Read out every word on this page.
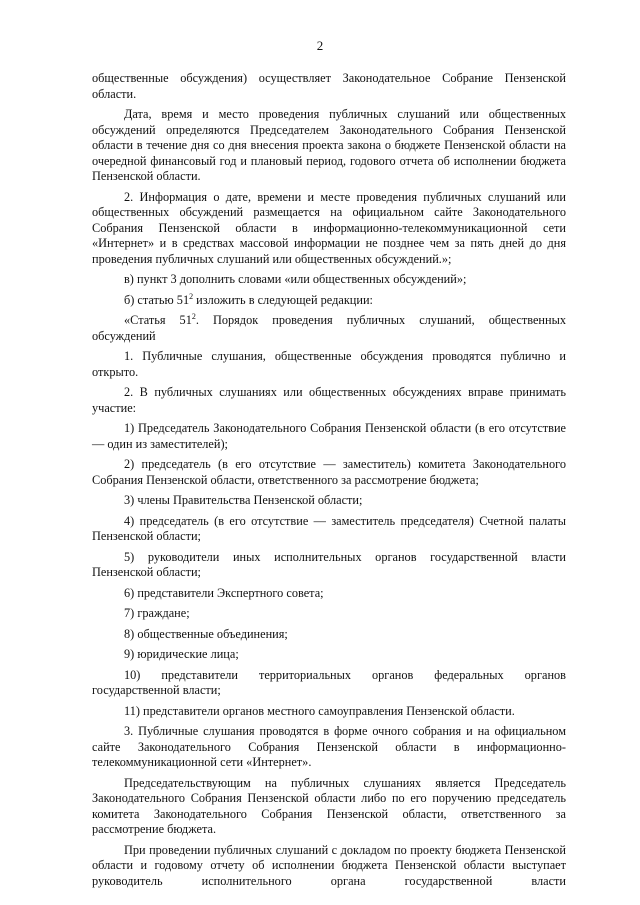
2

общественные обсуждения) осуществляет Законодательное Собрание Пензенской области.

Дата, время и место проведения публичных слушаний или общественных обсуждений определяются Председателем Законодательного Собрания Пензенской области в течение дня со дня внесения проекта закона о бюджете Пензенской области на очередной финансовый год и плановый период, годового отчета об исполнении бюджета Пензенской области.

2. Информация о дате, времени и месте проведения публичных слушаний или общественных обсуждений размещается на официальном сайте Законодательного Собрания Пензенской области в информационно-телекоммуникационной сети «Интернет» и в средствах массовой информации не позднее чем за пять дней до дня проведения публичных слушаний или общественных обсуждений.»;

в) пункт 3 дополнить словами «или общественных обсуждений»;

б) статью $51^2$ изложить в следующей редакции:

«Статья $51^2$. Порядок проведения публичных слушаний, общественных обсуждений

1. Публичные слушания, общественные обсуждения проводятся публично и открыто.

2. В публичных слушаниях или общественных обсуждениях вправе принимать участие:

1) Председатель Законодательного Собрания Пензенской области (в его отсутствие — один из заместителей);

2) председатель (в его отсутствие — заместитель) комитета Законодательного Собрания Пензенской области, ответственного за рассмотрение бюджета;

3) члены Правительства Пензенской области;

4) председатель (в его отсутствие — заместитель председателя) Счетной палаты Пензенской области;

5) руководители иных исполнительных органов государственной власти Пензенской области;

6) представители Экспертного совета;

7) граждане;

8) общественные объединения;

9) юридические лица;

10) представители территориальных органов федеральных органов государственной власти;

11) представители органов местного самоуправления Пензенской области.

3. Публичные слушания проводятся в форме очного собрания и на официальном сайте Законодательного Собрания Пензенской области в информационно-телекоммуникационной сети «Интернет».

Председательствующим на публичных слушаниях является Председатель Законодательного Собрания Пензенской области либо по его поручению председатель комитета Законодательного Собрания Пензенской области, ответственного за рассмотрение бюджета.

При проведении публичных слушаний с докладом по проекту бюджета Пензенской области и годовому отчету об исполнении бюджета Пензенской области выступает руководитель исполнительного органа государственной власти
